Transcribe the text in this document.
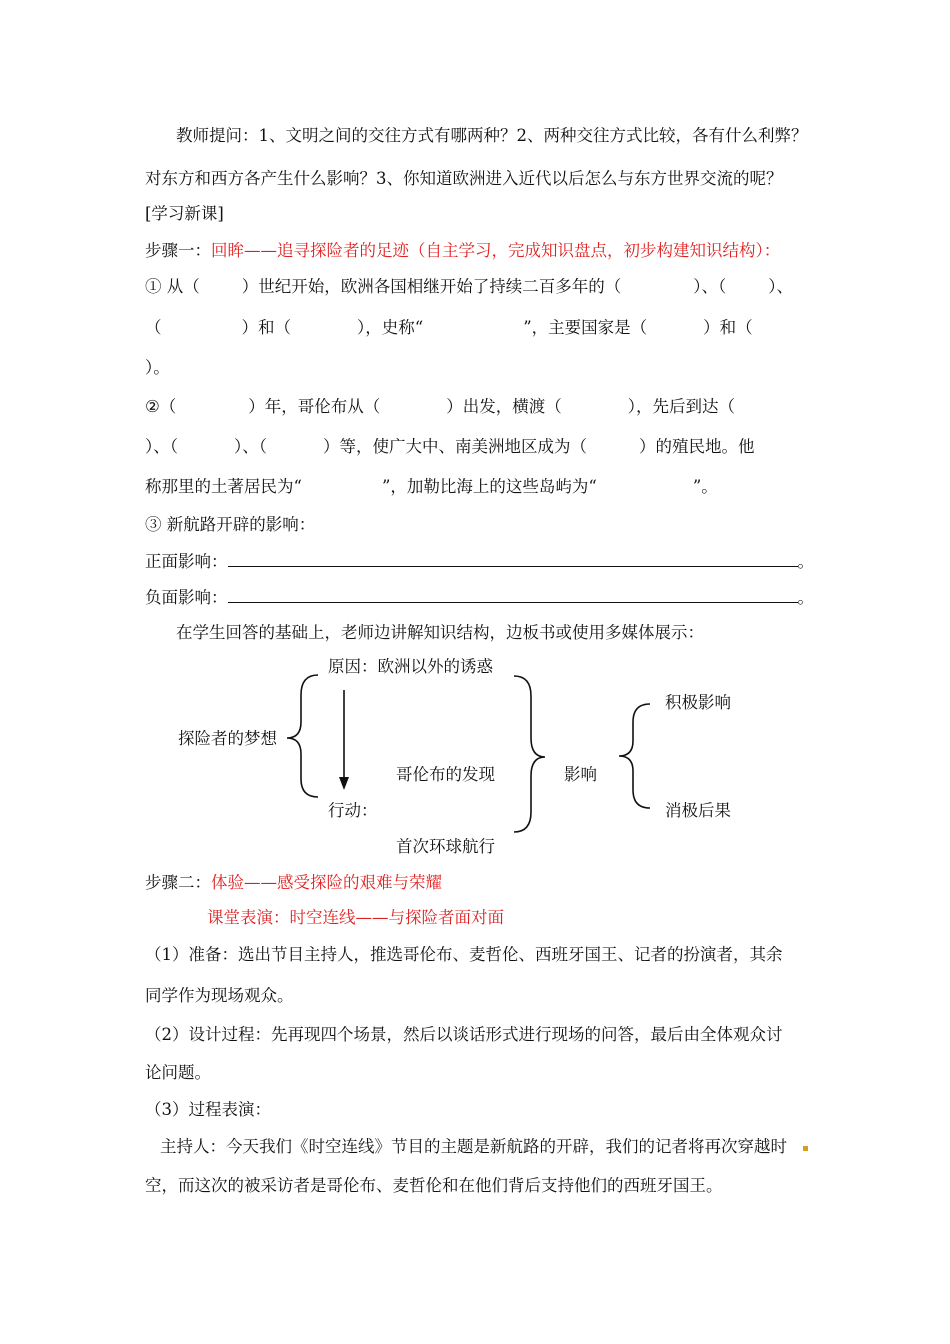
教师提问：1、文明之间的交往方式有哪两种？2、两种交往方式比较，各有什么利弊？
对东方和西方各产生什么影响？3、你知道欧洲进入近代以后怎么与东方世界交流的呢？
[学习新课]
步骤一：回眸——追寻探险者的足迹（自主学习，完成知识盘点，初步构建知识结构）：
① 从（	）世纪开始，欧洲各国相继开始了持续二百多年的（	）、（	）、
（	）和（	），史称“	”，主要国家是（	）和（
）。
②（	）年，哥伦布从（	）出发，横渡（	），先后到达（
）、（	）、（	）等，使广大中、南美洲地区成为（	）的殖民地。他
称那里的土著居民为“	”，加勒比海上的这些岛屿为“	”。
③ 新航路开辟的影响：
正面影响：	。
负面影响：	。
在学生回答的基础上，老师边讲解知识结构，边板书或使用多媒体展示：
探险者的梦想
原因：欧洲以外的诱惑
行动：
哥伦布的发现
首次环球航行
影响
积极影响
消极后果
步骤二：体验——感受探险的艰难与荣耀
课堂表演：时空连线——与探险者面对面
（1）准备：选出节目主持人，推选哥伦布、麦哲伦、西班牙国王、记者的扮演者，其余
同学作为现场观众。
（2）设计过程：先再现四个场景，然后以谈话形式进行现场的问答，最后由全体观众讨
论问题。
（3）过程表演：
主持人：今天我们《时空连线》节目的主题是新航路的开辟，我们的记者将再次穿越时
空，而这次的被采访者是哥伦布、麦哲伦和在他们背后支持他们的西班牙国王。
